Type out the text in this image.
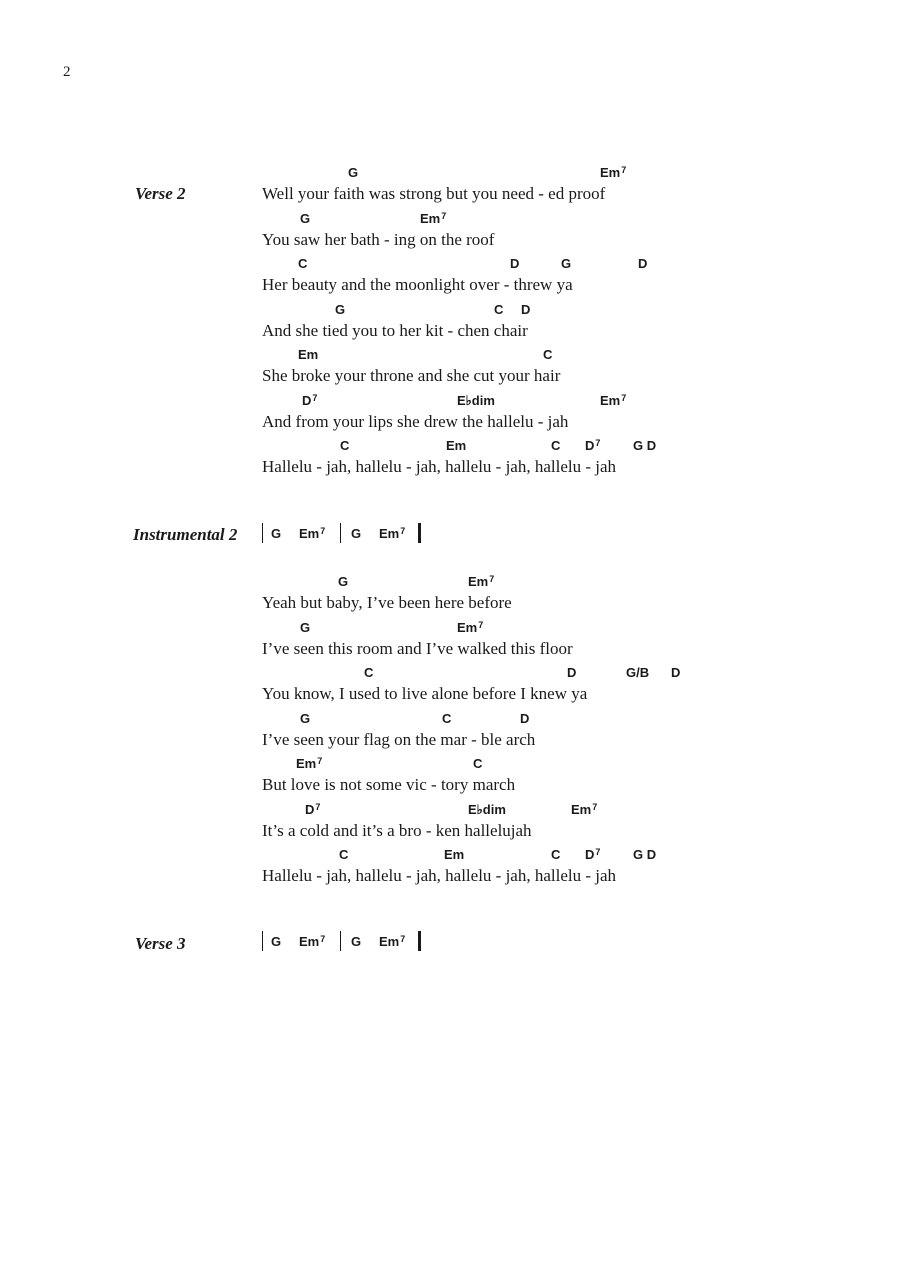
2
Verse 2
G	Em$^7$
Well your faith was strong but you need - ed proof
G	Em$^7$
You saw her bath - ing on the roof
C	D	G	D
Her beauty and the moonlight over - threw ya
G	C D
And she tied you to her kit - chen chair
Em	C
She broke your throne and she cut your hair
$D^7$	E♭dim	Em$^7$
And from your lips she drew the hallelu - jah
C	Em	C $D^7$	G D
Hallelu - jah, hallelu - jah, hallelu - jah, hallelu - jah
Instrumental 2	G Em$^7$ G Em$^7$
G	Em$^7$
Yeah but baby, I’ve been here before
G	Em$^7$
I’ve seen this room and I’ve walked this floor
C	D	G/B D
You know, I used to live alone before I knew ya
G	C	D
I’ve seen your flag on the mar - ble arch
Em$^7$	C
But love is not some vic - tory march
$D^7$	E♭dim	Em$^7$
It’s a cold and it’s a bro - ken hallelujah
C	Em	C $D^7$	G D
Hallelu - jah, hallelu - jah, hallelu - jah, hallelu - jah
Verse 3	G Em$^7$ G Em$^7$
